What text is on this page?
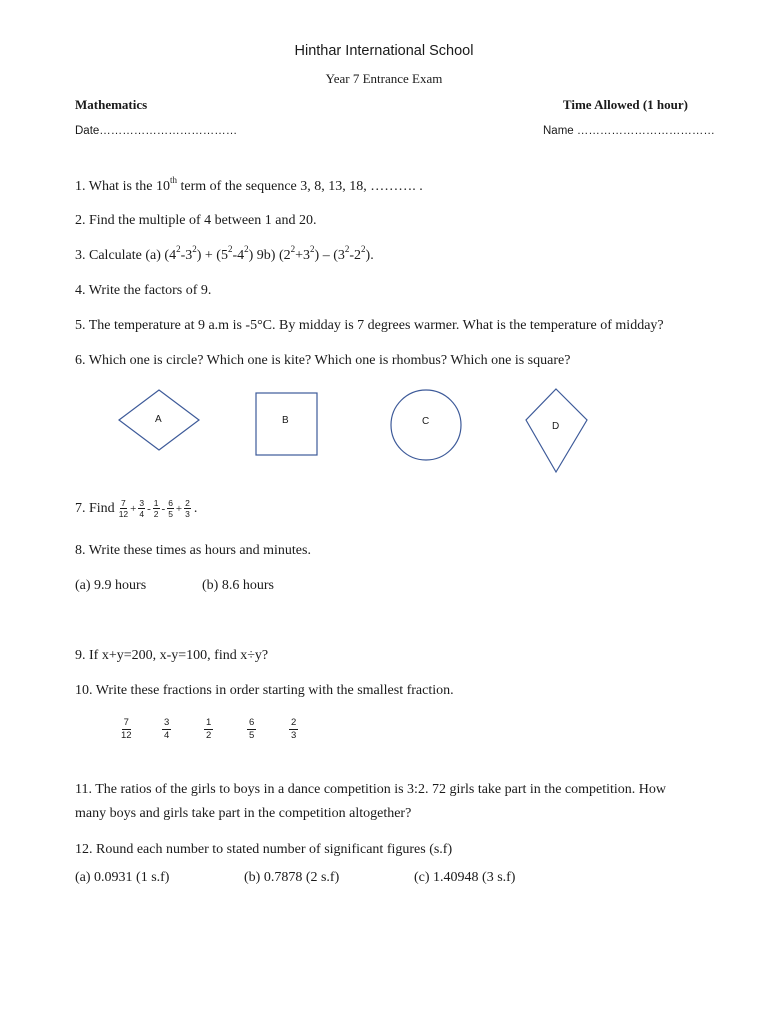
Hinthar International School
Year 7 Entrance Exam
Mathematics	Time Allowed (1 hour)
Date………………………………	Name ………………………………
1. What is the 10th term of the sequence 3, 8, 13, 18, ………. .
2. Find the multiple of 4 between 1 and 20.
3. Calculate (a) $(4^2-3^2) + (5^2-4^2)$ 9b) $(2^2+3^2) - (3^2-2^2)$.
4. Write the factors of 9.
5. The temperature at 9 a.m is -5°C. By midday is 7 degrees warmer. What is the temperature of midday?
6. Which one is circle? Which one is kite? Which one is rhombus? Which one is square?
A	B	C	D
7. Find $\frac{7}{12} + \frac{3}{4} - \frac{1}{2} - \frac{6}{5} + \frac{2}{3}$ .
8. Write these times as hours and minutes.
(a) 9.9 hours	(b) 8.6 hours
9. If x+y=200, x-y=100, find x÷y?
10. Write these fractions in order starting with the smallest fraction.
$\frac{7}{12}$	$\frac{3}{4}$	$\frac{1}{2}$	$\frac{6}{5}$	$\frac{2}{3}$
11. The ratios of the girls to boys in a dance competition is 3:2. 72 girls take part in the competition. How
many boys and girls take part in the competition altogether?
12. Round each number to stated number of significant figures (s.f)
(a) 0.0931 (1 s.f)	(b) 0.7878 (2 s.f)	(c) 1.40948 (3 s.f)
